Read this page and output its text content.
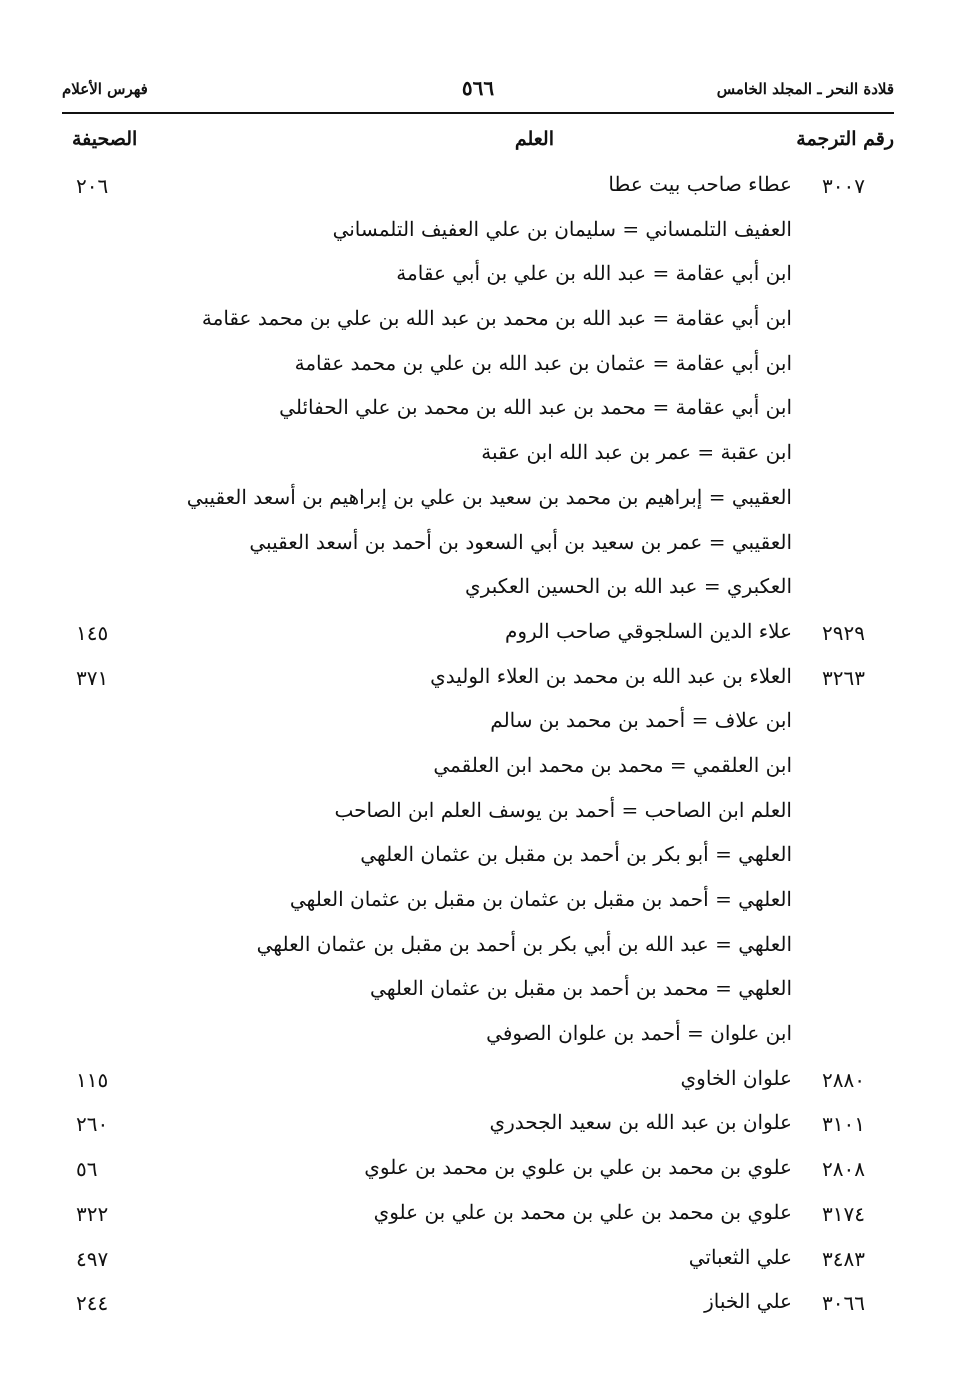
قلادة النحر ـ المجلد الخامس
٥٦٦
فهرس الأعلام
رقم الترجمة
العلم
الصحيفة
٣٠٠٧
عطاء صاحب بيت عطا
٢٠٦
العفيف التلمساني = سليمان بن علي العفيف التلمساني
ابن أبي عقامة = عبد الله بن علي بن أبي عقامة
ابن أبي عقامة = عبد الله بن محمد بن عبد الله بن علي بن محمد عقامة
ابن أبي عقامة = عثمان بن عبد الله بن علي بن محمد عقامة
ابن أبي عقامة = محمد بن عبد الله بن محمد بن علي الحفائلي
ابن عقبة = عمر بن عبد الله ابن عقبة
العقيبي = إبراهيم بن محمد بن سعيد بن علي بن إبراهيم بن أسعد العقيبي
العقيبي = عمر بن سعيد بن أبي السعود بن أحمد بن أسعد العقيبي
العكبري = عبد الله بن الحسين العكبري
٢٩٢٩
علاء الدين السلجوقي صاحب الروم
١٤٥
٣٢٦٣
العلاء بن عبد الله بن محمد بن العلاء الوليدي
٣٧١
ابن علاف = أحمد بن محمد بن سالم
ابن العلقمي = محمد بن محمد ابن العلقمي
العلم ابن الصاحب = أحمد بن يوسف العلم ابن الصاحب
العلهي = أبو بكر بن أحمد بن مقبل بن عثمان العلهي
العلهي = أحمد بن مقبل بن عثمان بن مقبل بن عثمان العلهي
العلهي = عبد الله بن أبي بكر بن أحمد بن مقبل بن عثمان العلهي
العلهي = محمد بن أحمد بن مقبل بن عثمان العلهي
ابن علوان = أحمد بن علوان الصوفي
٢٨٨٠
علوان الخاوي
١١٥
٣١٠١
علوان بن عبد الله بن سعيد الجحدري
٢٦٠
٢٨٠٨
علوي بن محمد بن علي بن علوي بن محمد بن علوي
٥٦
٣١٧٤
علوي بن محمد بن علي بن محمد بن علي بن علوي
٣٢٢
٣٤٨٣
علي الثعباتي
٤٩٧
٣٠٦٦
علي الخباز
٢٤٤
